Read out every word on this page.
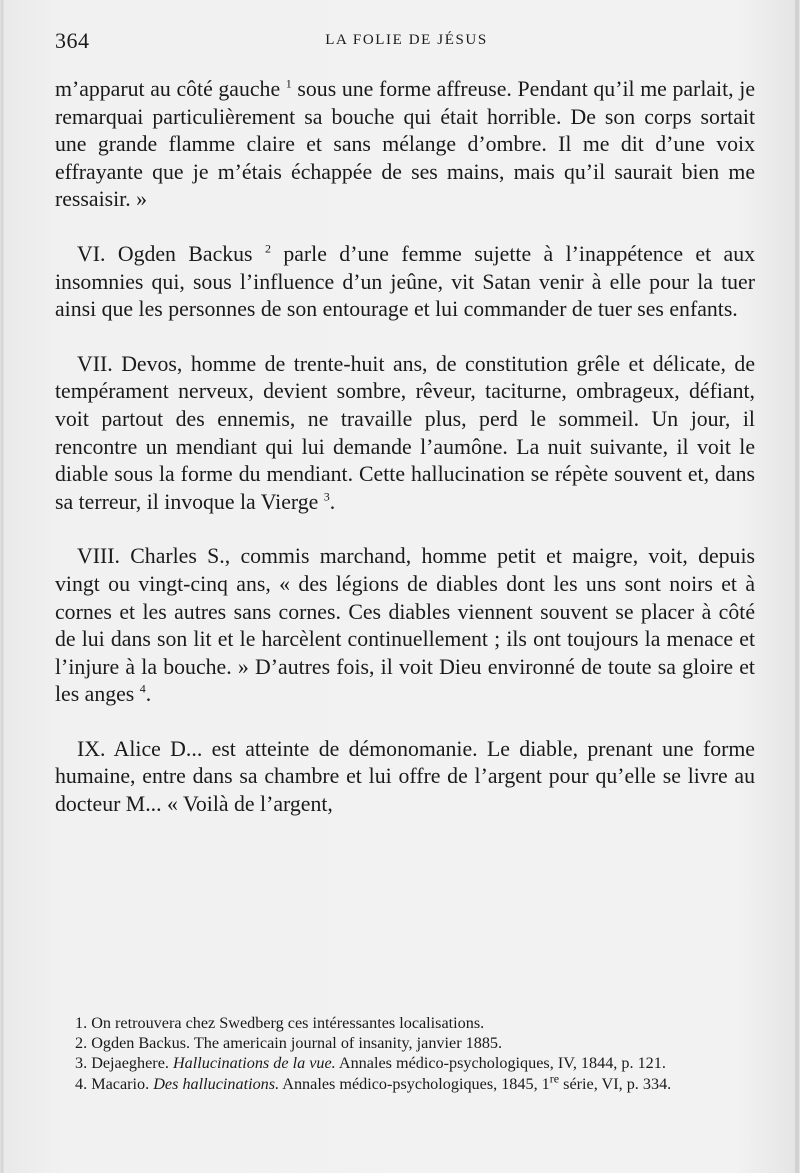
364	LA FOLIE DE JÉSUS

m’apparut au côté gauche $^1$ sous une forme affreuse. Pendant qu’il me parlait, je remarquai particulièrement sa bouche qui était horrible. De son corps sortait une grande flamme claire et sans mélange d’ombre. Il me dit d’une voix effrayante que je m’étais échappée de ses mains, mais qu’il saurait bien me ressaisir. »

VI. Ogden Backus $^2$ parle d’une femme sujette à l’inappétence et aux insomnies qui, sous l’influence d’un jeûne, vit Satan venir à elle pour la tuer ainsi que les personnes de son entourage et lui commander de tuer ses enfants.

VII. Devos, homme de trente-huit ans, de constitution grêle et délicate, de tempérament nerveux, devient sombre, rêveur, taciturne, ombrageux, défiant, voit partout des ennemis, ne travaille plus, perd le sommeil. Un jour, il rencontre un mendiant qui lui demande l’aumône. La nuit suivante, il voit le diable sous la forme du mendiant. Cette hallucination se répète souvent et, dans sa terreur, il invoque la Vierge $^3$.

VIII. Charles S., commis marchand, homme petit et maigre, voit, depuis vingt ou vingt-cinq ans, « des légions de diables dont les uns sont noirs et à cornes et les autres sans cornes. Ces diables viennent souvent se placer à côté de lui dans son lit et le harcèlent continuellement ; ils ont toujours la menace et l’injure à la bouche. » D’autres fois, il voit Dieu environné de toute sa gloire et les anges $^4$.

IX. Alice D... est atteinte de démonomanie. Le diable, prenant une forme humaine, entre dans sa chambre et lui offre de l’argent pour qu’elle se livre au docteur M... « Voilà de l’argent,

1. On retrouvera chez Swedberg ces intéressantes localisations.

2. Ogden Backus. The americain journal of insanity, janvier 1885.

3. Dejaeghere. Hallucinations de la vue. Annales médico-psychologiques, IV, 1844, p. 121.

4. Macario. Des hallucinations. Annales médico-psychologiques, 1845, 1re série, VI, p. 334.
